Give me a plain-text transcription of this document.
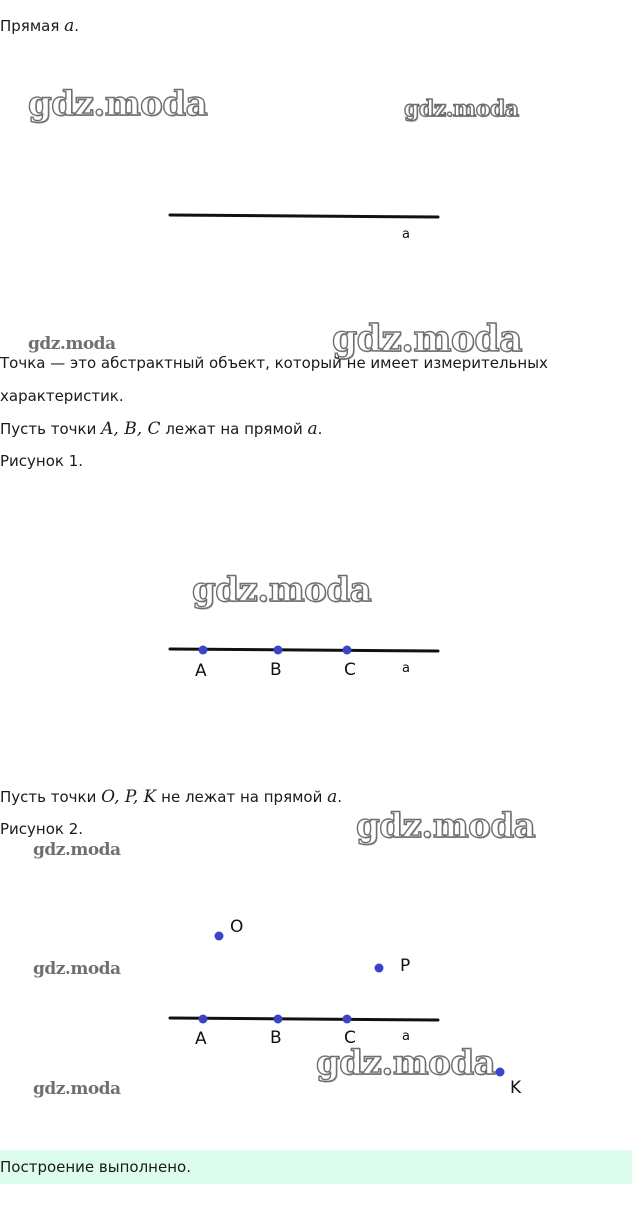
Прямая a.
gdz.moda	gdz.moda
a
gdz.moda	gdz.moda
Точка — это абстрактный объект, который не имеет измерительных
характеристик.
Пусть точки A, B, C лежат на прямой a.
Рисунок 1.
gdz.moda
A	B	C	a
Пусть точки O, P, K не лежат на прямой a.
Рисунок 2.	gdz.moda
gdz.moda
gdz.moda
gdz.moda
O
P
A	B	C	a
K
gdz.moda
Построение выполнено.
